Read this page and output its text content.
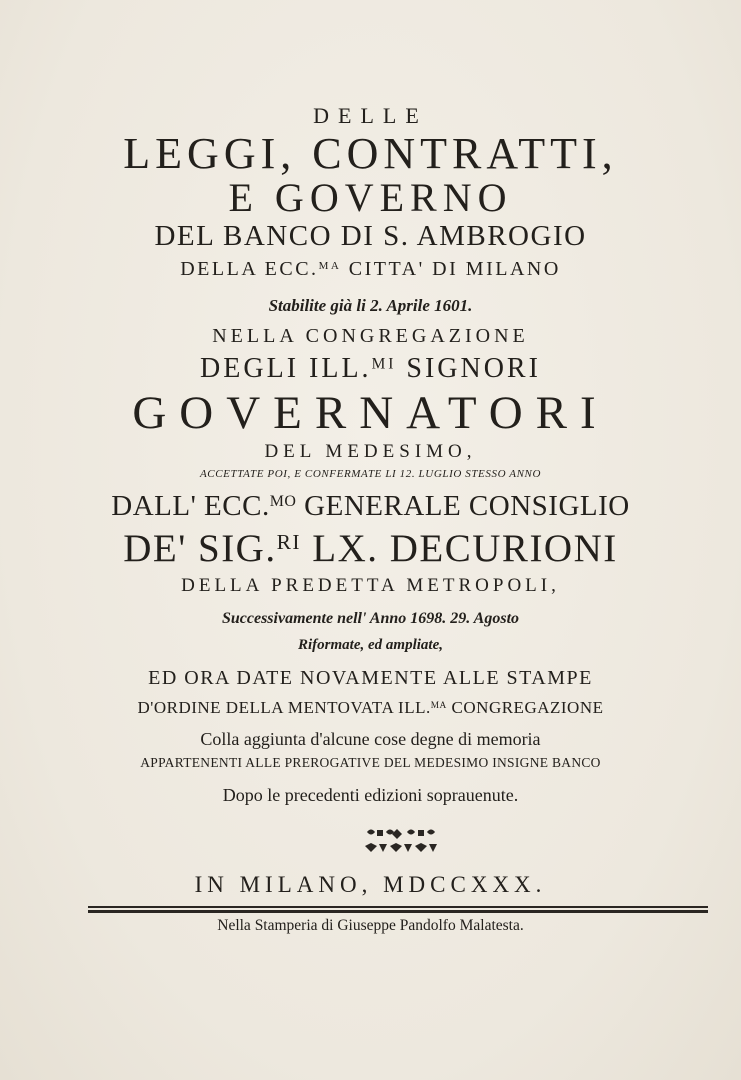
DELLE
LEGGI, CONTRATTI,
E GOVERNO
DEL BANCO DI S. AMBROGIO
DELLA ECC.$^{MA}$ CITTA' DI MILANO
Stabilite già li 2. Aprile 1601.
NELLA CONGREGAZIONE
DEGLI ILL.$^{MI}$ SIGNORI
GOVERNATORI
DEL MEDESIMO,
ACCETTATE POI, E CONFERMATE LI 12. LUGLIO STESSO ANNO
DALL' ECC.$^{MO}$ GENERALE CONSIGLIO
DE' SIG.$^{RI}$ LX. DECURIONI
DELLA PREDETTA METROPOLI,
Successivamente nell' Anno 1698. 29. Agosto
Riformate, ed ampliate,
ED ORA DATE NOVAMENTE ALLE STAMPE
D'ORDINE DELLA MENTOVATA ILL.$^{MA}$ CONGREGAZIONE
Colla aggiunta d'alcune cose degne di memoria
APPARTENENTI ALLE PREROGATIVE DEL MEDESIMO INSIGNE BANCO
Dopo le precedenti edizioni soprauenute.
IN MILANO, MDCCXXX.
Nella Stamperia di Giuseppe Pandolfo Malatesta.
